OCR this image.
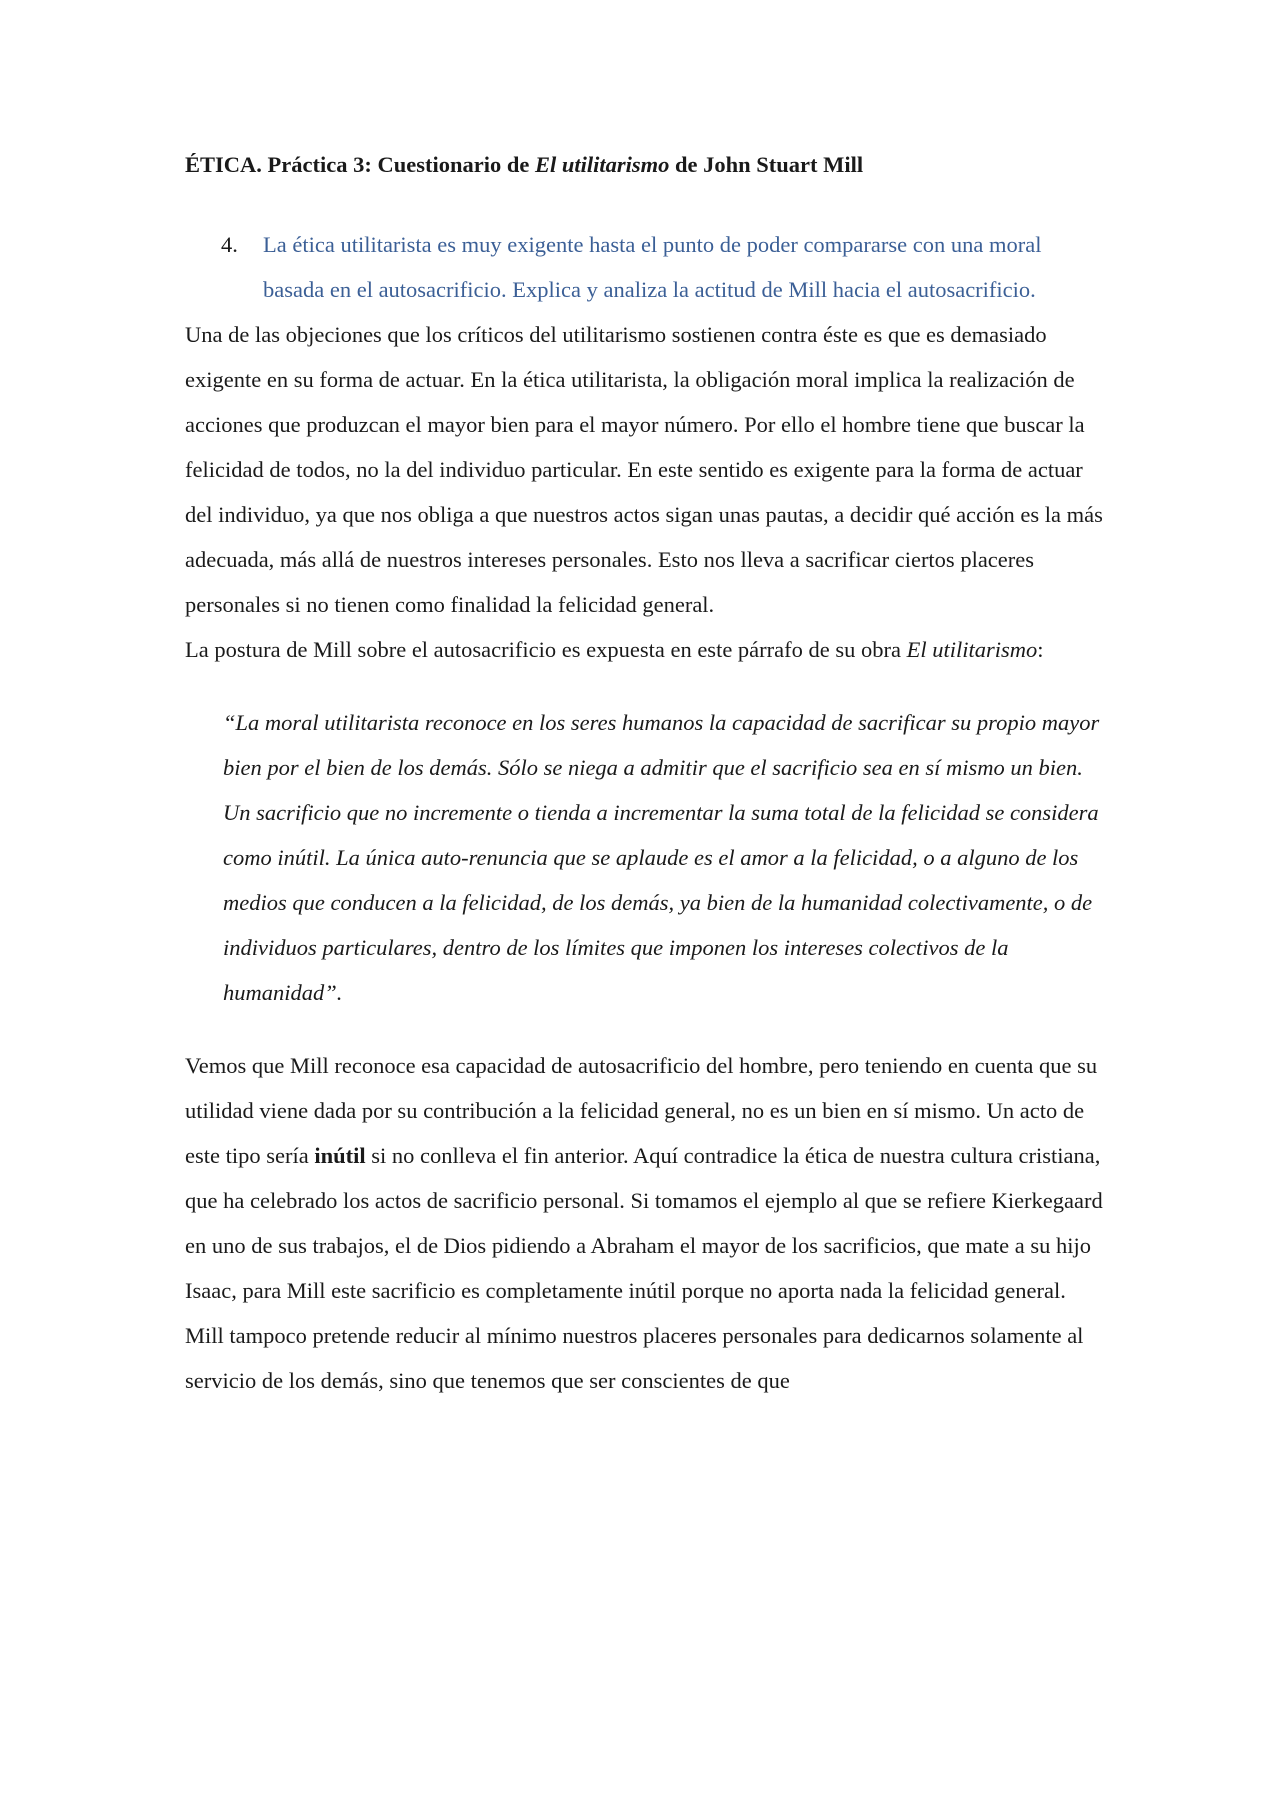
ÉTICA. Práctica 3: Cuestionario de El utilitarismo de John Stuart Mill

4. La ética utilitarista es muy exigente hasta el punto de poder compararse con una moral basada en el autosacrificio. Explica y analiza la actitud de Mill hacia el autosacrificio.

Una de las objeciones que los críticos del utilitarismo sostienen contra éste es que es demasiado exigente en su forma de actuar. En la ética utilitarista, la obligación moral implica la realización de acciones que produzcan el mayor bien para el mayor número. Por ello el hombre tiene que buscar la felicidad de todos, no la del individuo particular. En este sentido es exigente para la forma de actuar del individuo, ya que nos obliga a que nuestros actos sigan unas pautas, a decidir qué acción es la más adecuada, más allá de nuestros intereses personales. Esto nos lleva a sacrificar ciertos placeres personales si no tienen como finalidad la felicidad general.

La postura de Mill sobre el autosacrificio es expuesta en este párrafo de su obra El utilitarismo:

“La moral utilitarista reconoce en los seres humanos la capacidad de sacrificar su propio mayor bien por el bien de los demás. Sólo se niega a admitir que el sacrificio sea en sí mismo un bien. Un sacrificio que no incremente o tienda a incrementar la suma total de la felicidad se considera como inútil. La única auto-renuncia que se aplaude es el amor a la felicidad, o a alguno de los medios que conducen a la felicidad, de los demás, ya bien de la humanidad colectivamente, o de individuos particulares, dentro de los límites que imponen los intereses colectivos de la humanidad”.

Vemos que Mill reconoce esa capacidad de autosacrificio del hombre, pero teniendo en cuenta que su utilidad viene dada por su contribución a la felicidad general, no es un bien en sí mismo. Un acto de este tipo sería inútil si no conlleva el fin anterior. Aquí contradice la ética de nuestra cultura cristiana, que ha celebrado los actos de sacrificio personal. Si tomamos el ejemplo al que se refiere Kierkegaard en uno de sus trabajos, el de Dios pidiendo a Abraham el mayor de los sacrificios, que mate a su hijo Isaac, para Mill este sacrificio es completamente inútil porque no aporta nada la felicidad general. Mill tampoco pretende reducir al mínimo nuestros placeres personales para dedicarnos solamente al servicio de los demás, sino que tenemos que ser conscientes de que
